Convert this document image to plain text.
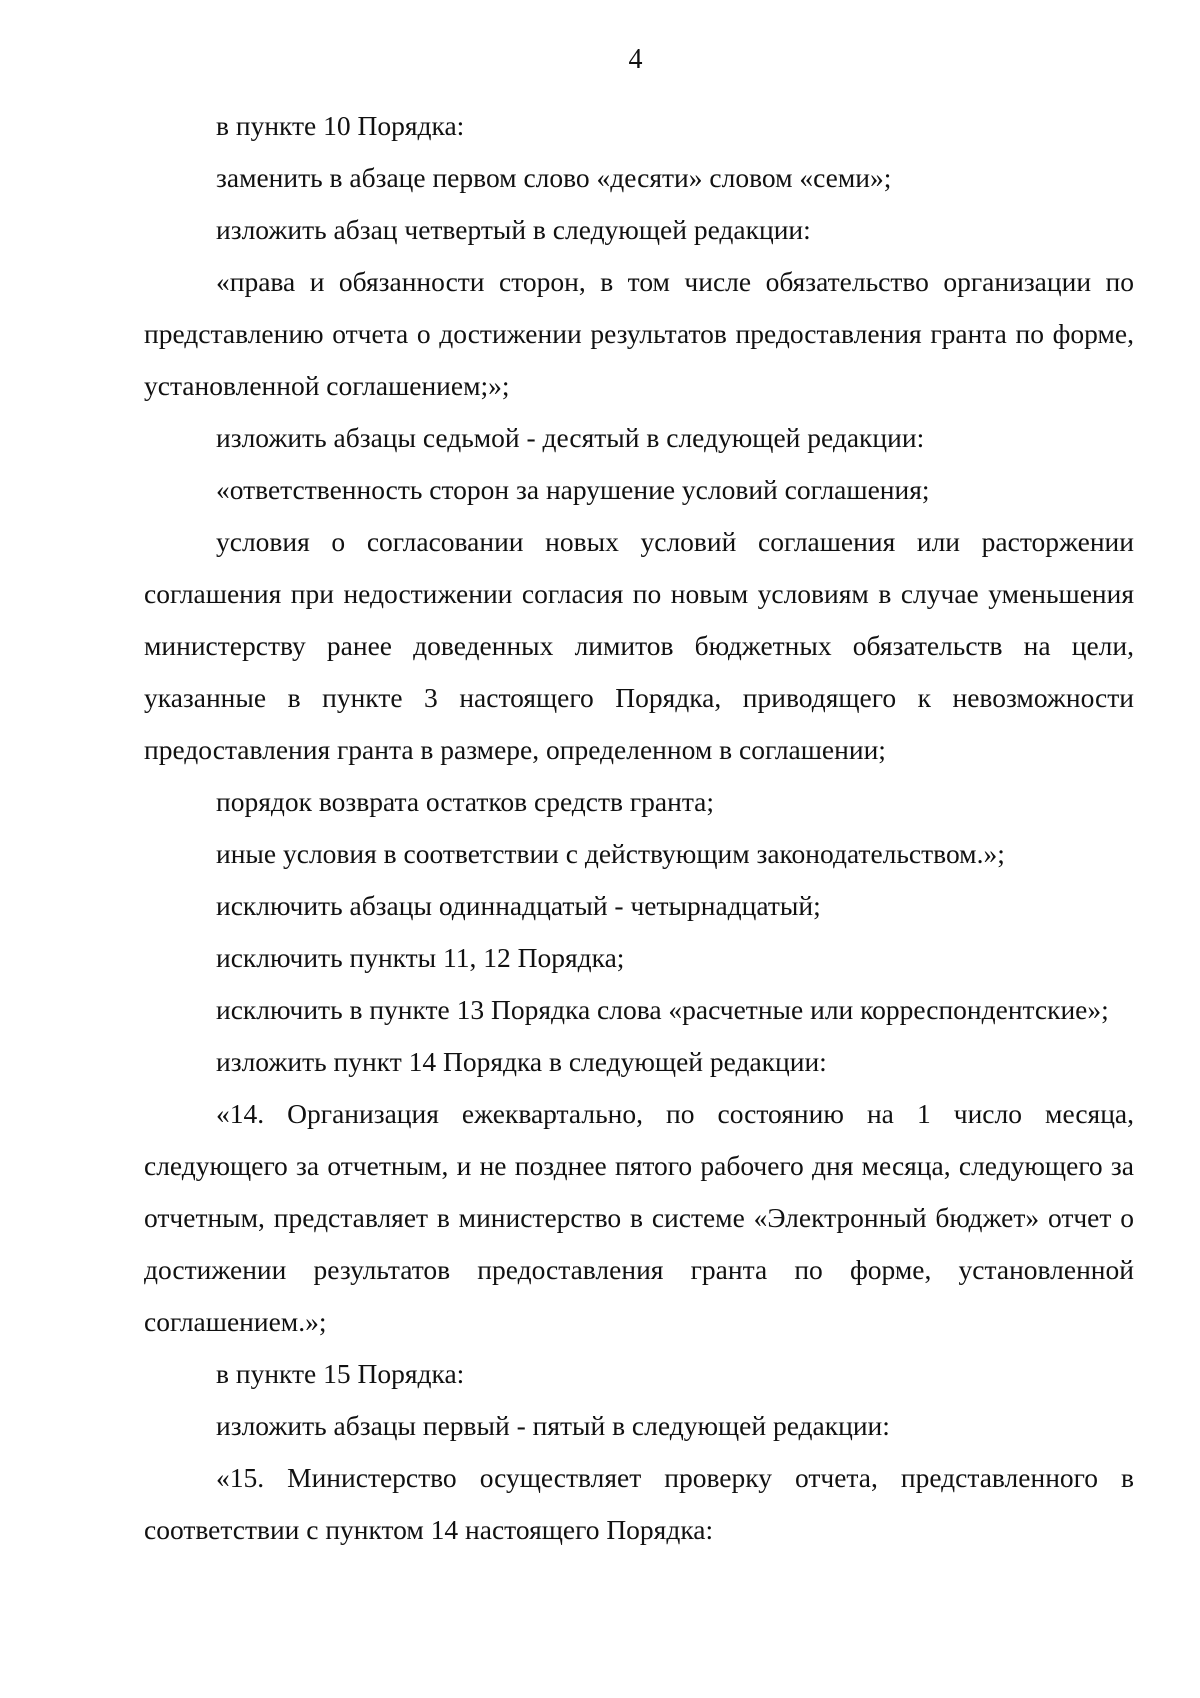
4

в пункте 10 Порядка:

заменить в абзаце первом слово «десяти» словом «семи»;

изложить абзац четвертый в следующей редакции:

«права и обязанности сторон, в том числе обязательство организации по представлению отчета о достижении результатов предоставления гранта по форме, установленной соглашением;»;

изложить абзацы седьмой - десятый в следующей редакции:

«ответственность сторон за нарушение условий соглашения;

условия о согласовании новых условий соглашения или расторжении соглашения при недостижении согласия по новым условиям в случае уменьшения министерству ранее доведенных лимитов бюджетных обязательств на цели, указанные в пункте 3 настоящего Порядка, приводящего к невозможности предоставления гранта в размере, определенном в соглашении;

порядок возврата остатков средств гранта;

иные условия в соответствии с действующим законодательством.»;

исключить абзацы одиннадцатый - четырнадцатый;

исключить пункты 11, 12 Порядка;

исключить в пункте 13 Порядка слова «расчетные или корреспондентские»;

изложить пункт 14 Порядка в следующей редакции:

«14. Организация ежеквартально, по состоянию на 1 число месяца, следующего за отчетным, и не позднее пятого рабочего дня месяца, следующего за отчетным, представляет в министерство в системе «Электронный бюджет» отчет о достижении результатов предоставления гранта по форме, установленной соглашением.»;

в пункте 15 Порядка:

изложить абзацы первый - пятый в следующей редакции:

«15. Министерство осуществляет проверку отчета, представленного в соответствии с пунктом 14 настоящего Порядка:
